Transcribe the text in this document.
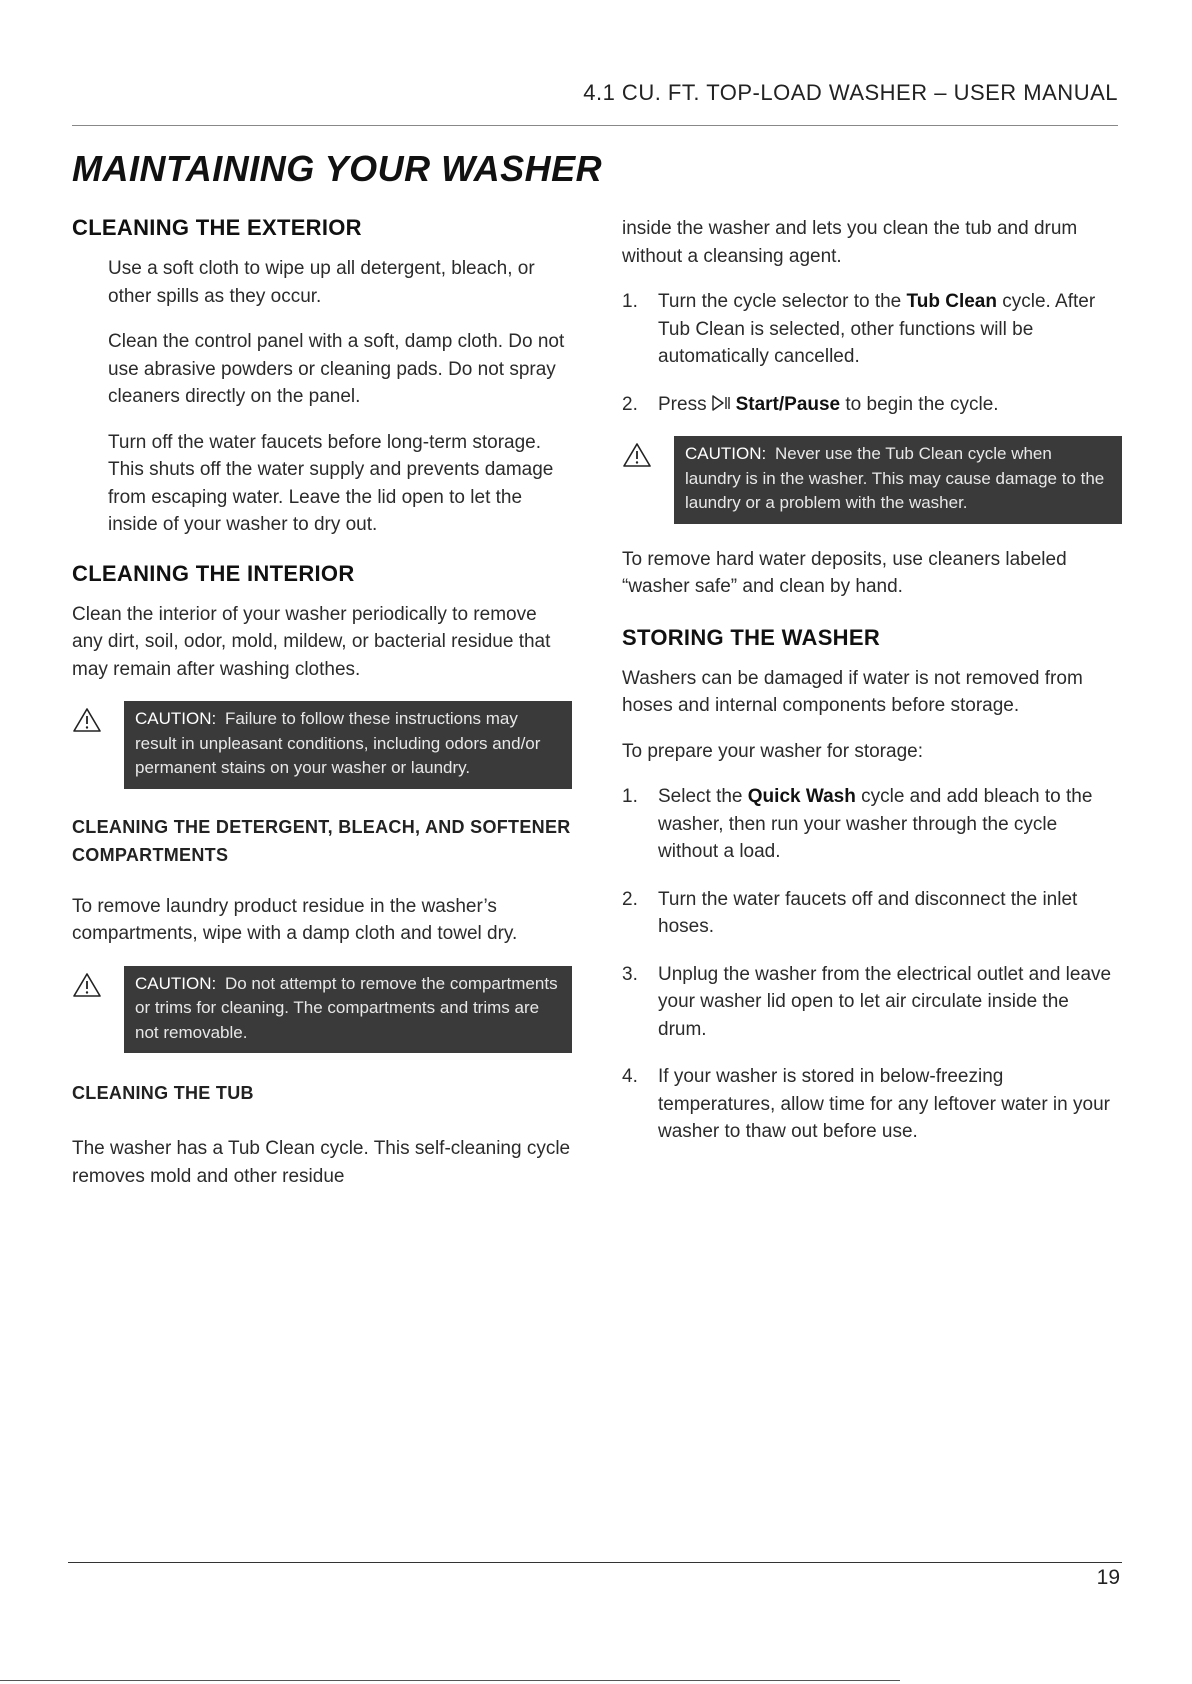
4.1 CU. FT. TOP-LOAD WASHER – USER MANUAL
MAINTAINING YOUR WASHER
CLEANING THE EXTERIOR

Use a soft cloth to wipe up all detergent, bleach, or other spills as they occur.

Clean the control panel with a soft, damp cloth. Do not use abrasive powders or cleaning pads. Do not spray cleaners directly on the panel.

Turn off the water faucets before long-term storage. This shuts off the water supply and prevents damage from escaping water. Leave the lid open to let the inside of your washer to dry out.

CLEANING THE INTERIOR

Clean the interior of your washer periodically to remove any dirt, soil, odor, mold, mildew, or bacterial residue that may remain after washing clothes.

CAUTION: Failure to follow these instructions may result in unpleasant conditions, including odors and/or permanent stains on your washer or laundry.
CLEANING THE DETERGENT, BLEACH, AND SOFTENER COMPARTMENTS

To remove laundry product residue in the washer’s compartments, wipe with a damp cloth and towel dry.

CAUTION: Do not attempt to remove the compartments or trims for cleaning. The compartments and trims are not removable.
CLEANING THE TUB

The washer has a Tub Clean cycle. This self-cleaning cycle removes mold and other residue

inside the washer and lets you clean the tub and drum without a cleansing agent.

1.	Turn the cycle selector to the Tub Clean cycle. After Tub Clean is selected, other functions will be automatically cancelled.
2.	Press Start/Pause to begin the cycle.
CAUTION: Never use the Tub Clean cycle when laundry is in the washer. This may cause damage to the laundry or a problem with the washer.

To remove hard water deposits, use cleaners labeled “washer safe” and clean by hand.

STORING THE WASHER

Washers can be damaged if water is not removed from hoses and internal components before storage.

To prepare your washer for storage:

1.	Select the Quick Wash cycle and add bleach to the washer, then run your washer through the cycle without a load.
2.	Turn the water faucets off and disconnect the inlet hoses.
3.	Unplug the washer from the electrical outlet and leave your washer lid open to let air circulate inside the drum.
4.	If your washer is stored in below-freezing temperatures, allow time for any leftover water in your washer to thaw out before use.
19
